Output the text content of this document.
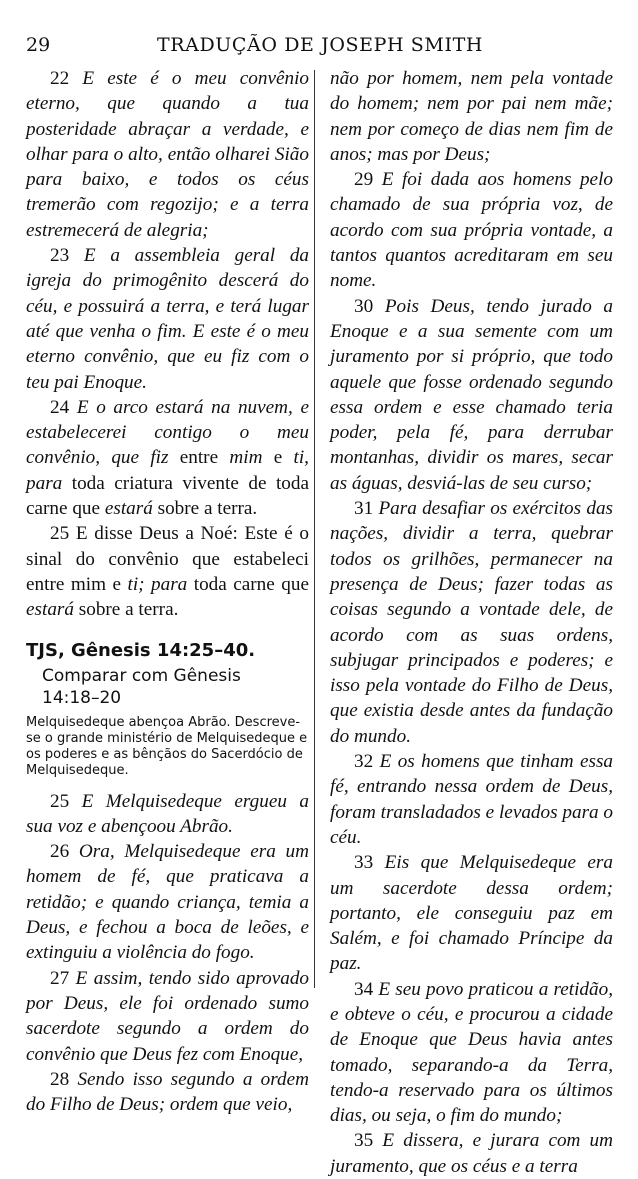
29	TRADUÇÃO DE JOSEPH SMITH

22 E este é o meu convênio eterno, que quando a tua posteridade abraçar a verdade, e olhar para o alto, então olharei Sião para baixo, e todos os céus tremerão com regozijo; e a terra estremecerá de alegria;

23 E a assembleia geral da igreja do primogênito descerá do céu, e possuirá a terra, e terá lugar até que venha o fim. E este é o meu eterno convênio, que eu fiz com o teu pai Enoque.

24 E o arco estará na nuvem, e estabelecerei contigo o meu convênio, que fiz entre mim e ti, para toda criatura vivente de toda carne que estará sobre a terra.

25 E disse Deus a Noé: Este é o sinal do convênio que estabeleci entre mim e ti; para toda carne que estará sobre a terra.

TJS, Gênesis 14:25–40.
Comparar com Gênesis
14:18–20
Melquisedeque abençoa Abrão. Descreve-se o grande ministério de Melquisedeque e os poderes e as bênçãos do Sacerdócio de Melquisedeque.

25 E Melquisedeque ergueu a sua voz e abençoou Abrão.

26 Ora, Melquisedeque era um homem de fé, que praticava a retidão; e quando criança, temia a Deus, e fechou a boca de leões, e extinguiu a violência do fogo.

27 E assim, tendo sido aprovado por Deus, ele foi ordenado sumo sacerdote segundo a ordem do convênio que Deus fez com Enoque,

28 Sendo isso segundo a ordem do Filho de Deus; ordem que veio,

não por homem, nem pela vontade do homem; nem por pai nem mãe; nem por começo de dias nem fim de anos; mas por Deus;

29 E foi dada aos homens pelo chamado de sua própria voz, de acordo com sua própria vontade, a tantos quantos acreditaram em seu nome.

30 Pois Deus, tendo jurado a Enoque e a sua semente com um juramento por si próprio, que todo aquele que fosse ordenado segundo essa ordem e esse chamado teria poder, pela fé, para derrubar montanhas, dividir os mares, secar as águas, desviá-las de seu curso;

31 Para desafiar os exércitos das nações, dividir a terra, quebrar todos os grilhões, permanecer na presença de Deus; fazer todas as coisas segundo a vontade dele, de acordo com as suas ordens, subjugar principados e poderes; e isso pela vontade do Filho de Deus, que existia desde antes da fundação do mundo.

32 E os homens que tinham essa fé, entrando nessa ordem de Deus, foram transladados e levados para o céu.

33 Eis que Melquisedeque era um sacerdote dessa ordem; portanto, ele conseguiu paz em Salém, e foi chamado Príncipe da paz.

34 E seu povo praticou a retidão, e obteve o céu, e procurou a cidade de Enoque que Deus havia antes tomado, separando-a da Terra, tendo-a reservado para os últimos dias, ou seja, o fim do mundo;

35 E dissera, e jurara com um juramento, que os céus e a terra
